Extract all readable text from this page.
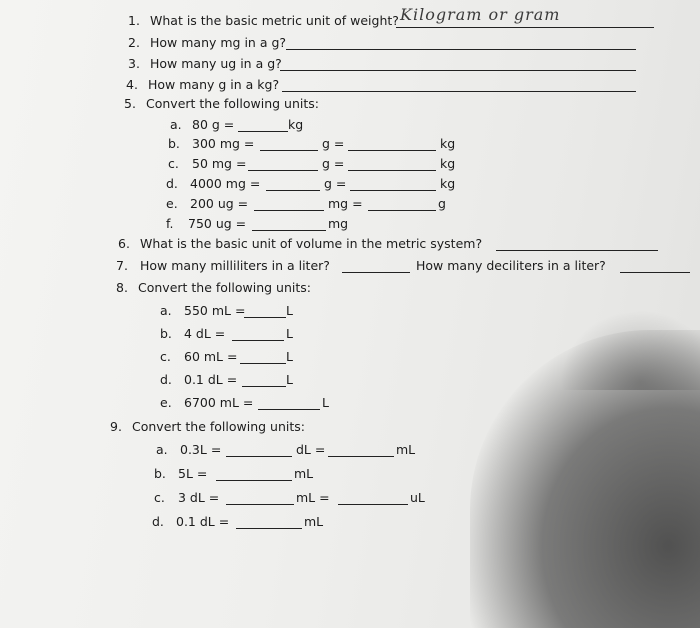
1. What is the basic metric unit of weight? Kilogram or gram
2. How many mg in a g?
3. How many ug in a g?
4. How many g in a kg?
5. Convert the following units:
a. 80 g =	kg
b. 300 mg =	g =	kg
c. 50 mg =	g =	kg
d. 4000 mg =	g =	kg
e. 200 ug =	mg =	g
f. 750 ug =	mg
6. What is the basic unit of volume in the metric system?
7. How many milliliters in a liter?	How many deciliters in a liter?
8. Convert the following units:
a. 550 mL =	L
b. 4 dL =	L
c. 60 mL =	L
d. 0.1 dL =	L
e. 6700 mL =	L
9. Convert the following units:
a. 0.3L =	dL =	mL
b. 5L =	mL
c. 3 dL =	mL =	uL
d. 0.1 dL =	mL
